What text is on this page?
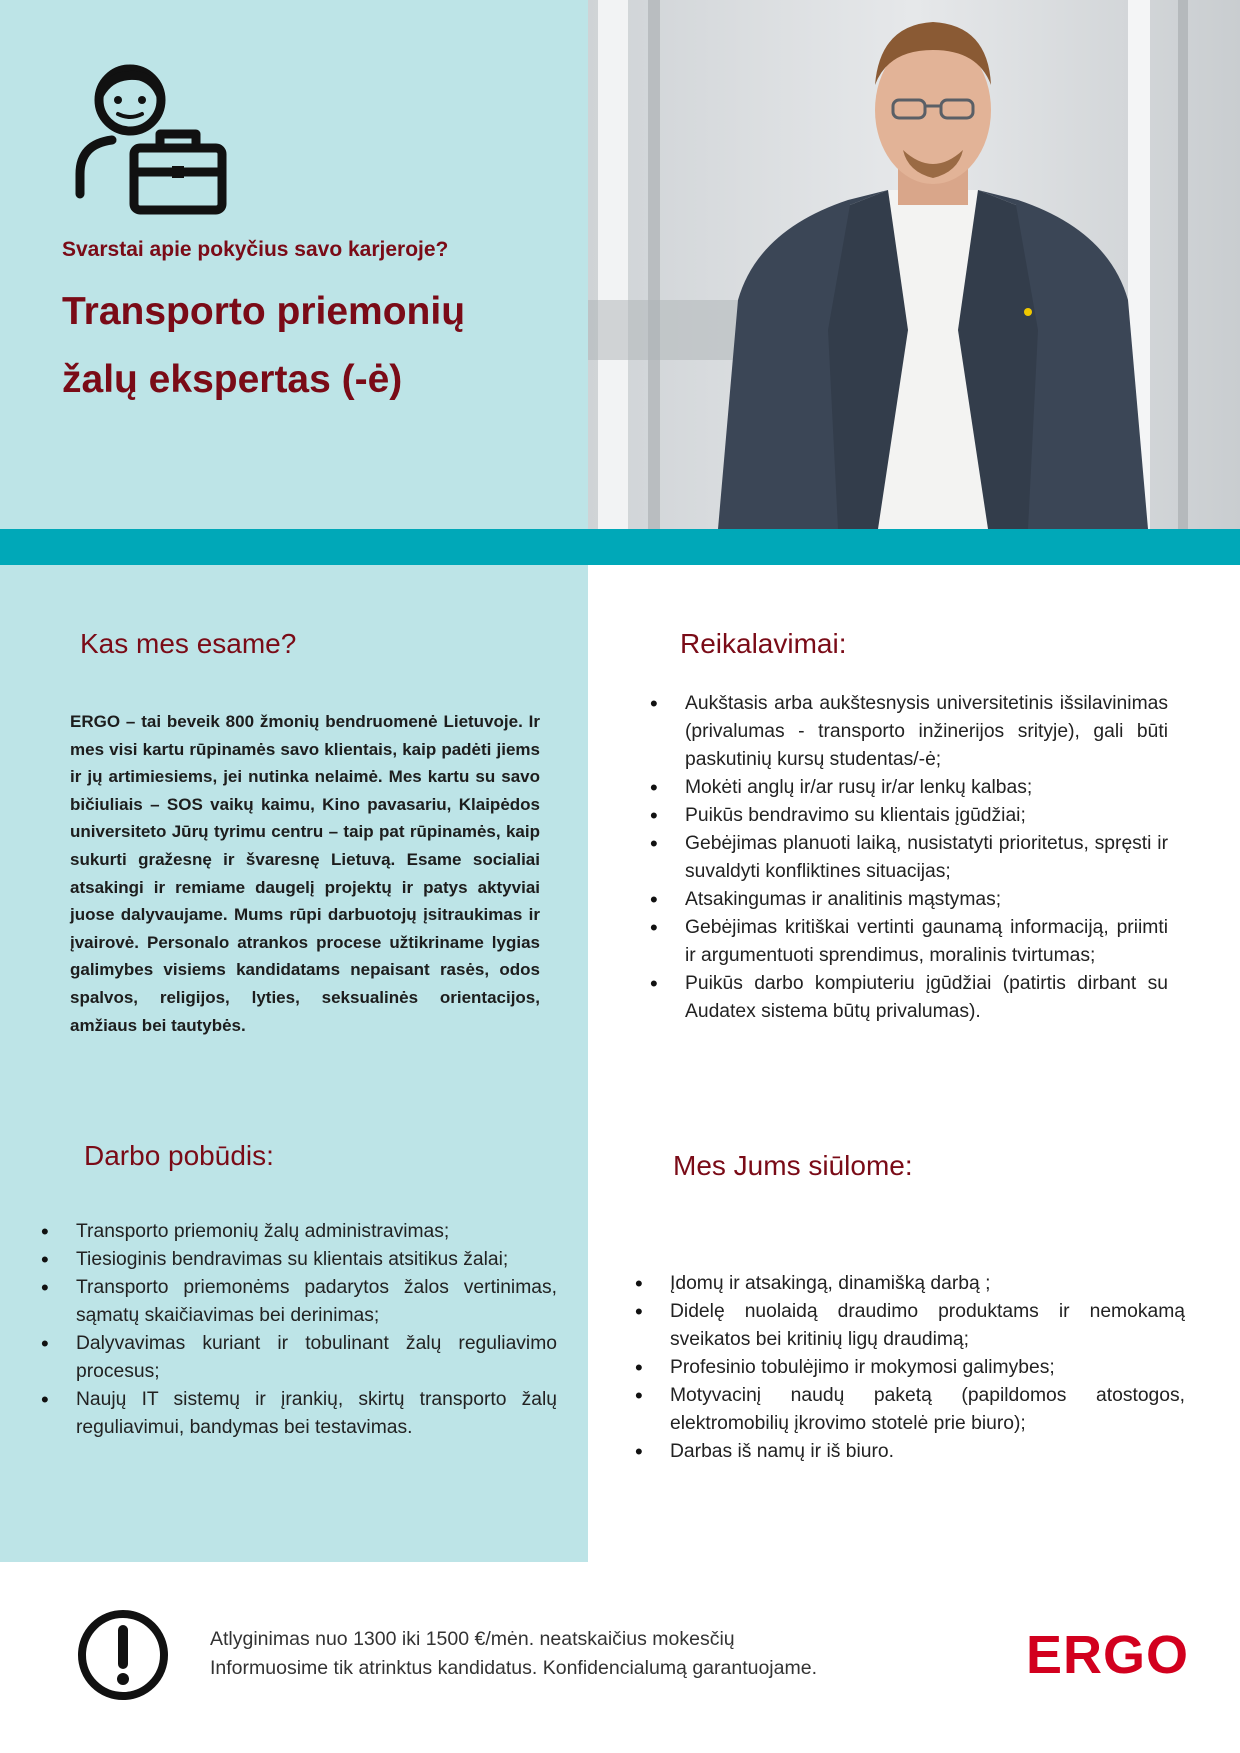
Svarstai apie pokyčius savo karjeroje?
Transporto priemonių
žalų ekspertas (-ė)
Kas mes esame?
ERGO – tai beveik 800 žmonių bendruomenė Lietuvoje. Ir mes visi kartu rūpinamės savo klientais, kaip padėti jiems ir jų artimiesiems, jei nutinka nelaimė. Mes kartu su savo bičiuliais – SOS vaikų kaimu, Kino pavasariu, Klaipėdos universiteto Jūrų tyrimu centru – taip pat rūpinamės, kaip sukurti gražesnę ir švaresnę Lietuvą. Esame socialiai atsakingi ir remiame daugelį projektų ir patys aktyviai juose dalyvaujame. Mums rūpi darbuotojų įsitraukimas ir įvairovė. Personalo atrankos procese užtikriname lygias galimybes visiems kandidatams nepaisant rasės, odos spalvos, religijos, lyties, seksualinės orientacijos, amžiaus bei tautybės.
Reikalavimai:
• Aukštasis arba aukštesnysis universitetinis išsilavinimas (privalumas - transporto inžinerijos srityje), gali būti paskutinių kursų studentas/-ė;
• Mokėti anglų ir/ar rusų ir/ar lenkų kalbas;
• Puikūs bendravimo su klientais įgūdžiai;
• Gebėjimas planuoti laiką, nusistatyti prioritetus, spręsti ir suvaldyti konfliktines situacijas;
• Atsakingumas ir analitinis mąstymas;
• Gebėjimas kritiškai vertinti gaunamą informaciją, priimti ir argumentuoti sprendimus, moralinis tvirtumas;
• Puikūs darbo kompiuteriu įgūdžiai (patirtis dirbant su Audatex sistema būtų privalumas).
Darbo pobūdis:
• Transporto priemonių žalų administravimas;
• Tiesioginis bendravimas su klientais atsitikus žalai;
• Transporto priemonėms padarytos žalos vertinimas, sąmatų skaičiavimas bei derinimas;
• Dalyvavimas kuriant ir tobulinant žalų reguliavimo procesus;
• Naujų IT sistemų ir įrankių, skirtų transporto žalų reguliavimui, bandymas bei testavimas.
Mes Jums siūlome:
• Įdomų ir atsakingą, dinamišką darbą ;
• Didelę nuolaidą draudimo produktams ir nemokamą sveikatos bei kritinių ligų draudimą;
• Profesinio tobulėjimo ir mokymosi galimybes;
• Motyvacinį naudų paketą (papildomos atostogos, elektromobilių įkrovimo stotelė prie biuro);
• Darbas iš namų ir iš biuro.
Atlyginimas nuo 1300 iki 1500 €/mėn. neatskaičius mokesčių
Informuosime tik atrinktus kandidatus. Konfidencialumą garantuojame.	ERGO
